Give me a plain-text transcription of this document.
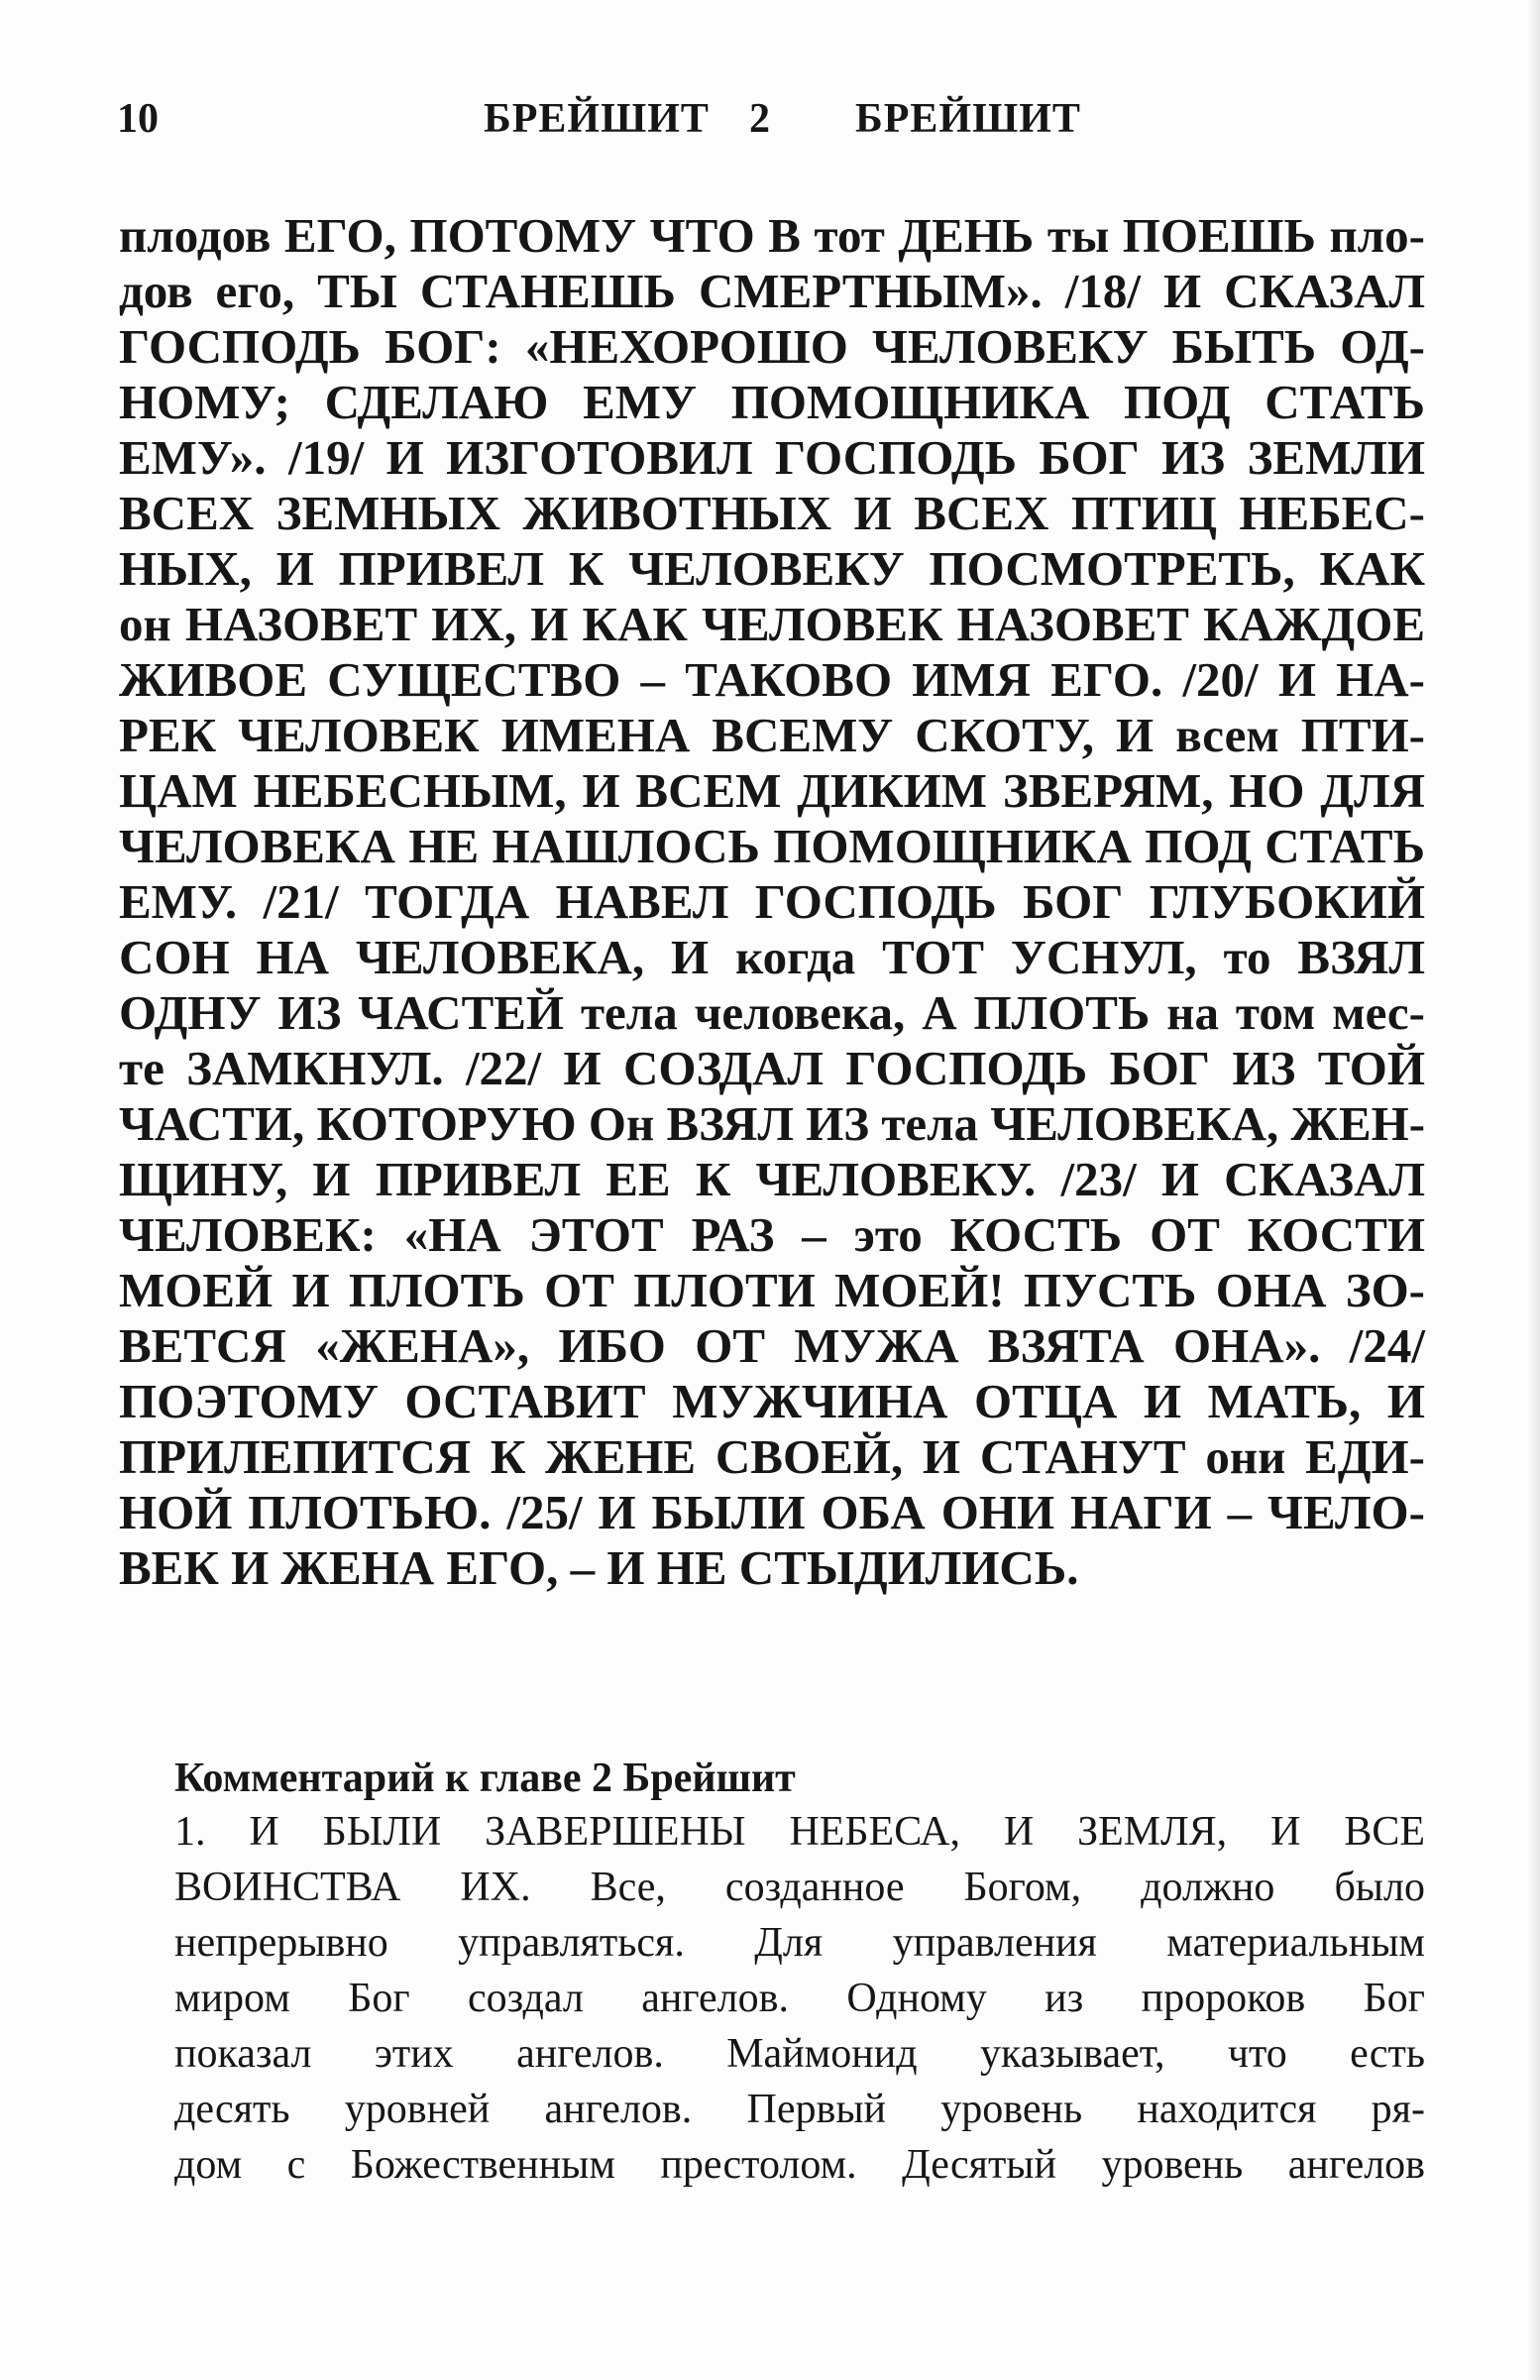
10	БРЕЙШИТ 2 БРЕЙШИТ
плодов ЕГО, ПОТОМУ ЧТО В тот ДЕНЬ ты ПОЕШЬ пло-
дов его, ТЫ СТАНЕШЬ СМЕРТНЫМ». /18/ И СКАЗАЛ
ГОСПОДЬ БОГ: «НЕХОРОШО ЧЕЛОВЕКУ БЫТЬ ОД-
НОМУ; СДЕЛАЮ ЕМУ ПОМОЩНИКА ПОД СТАТЬ
ЕМУ». /19/ И ИЗГОТОВИЛ ГОСПОДЬ БОГ ИЗ ЗЕМЛИ
ВСЕХ ЗЕМНЫХ ЖИВОТНЫХ И ВСЕХ ПТИЦ НЕБЕС-
НЫХ, И ПРИВЕЛ К ЧЕЛОВЕКУ ПОСМОТРЕТЬ, КАК
он НАЗОВЕТ ИХ, И КАК ЧЕЛОВЕК НАЗОВЕТ КАЖДОЕ
ЖИВОЕ СУЩЕСТВО – ТАКОВО ИМЯ ЕГО. /20/ И НА-
РЕК ЧЕЛОВЕК ИМЕНА ВСЕМУ СКОТУ, И всем ПТИ-
ЦАМ НЕБЕСНЫМ, И ВСЕМ ДИКИМ ЗВЕРЯМ, НО ДЛЯ
ЧЕЛОВЕКА НЕ НАШЛОСЬ ПОМОЩНИКА ПОД СТАТЬ
ЕМУ. /21/ ТОГДА НАВЕЛ ГОСПОДЬ БОГ ГЛУБОКИЙ
СОН НА ЧЕЛОВЕКА, И когда ТОТ УСНУЛ, то ВЗЯЛ
ОДНУ ИЗ ЧАСТЕЙ тела человека, А ПЛОТЬ на том мес-
те ЗАМКНУЛ. /22/ И СОЗДАЛ ГОСПОДЬ БОГ ИЗ ТОЙ
ЧАСТИ, КОТОРУЮ Он ВЗЯЛ ИЗ тела ЧЕЛОВЕКА, ЖЕН-
ЩИНУ, И ПРИВЕЛ ЕЕ К ЧЕЛОВЕКУ. /23/ И СКАЗАЛ
ЧЕЛОВЕК: «НА ЭТОТ РАЗ – это КОСТЬ ОТ КОСТИ
МОЕЙ И ПЛОТЬ ОТ ПЛОТИ МОЕЙ! ПУСТЬ ОНА ЗО-
ВЕТСЯ «ЖЕНА», ИБО ОТ МУЖА ВЗЯТА ОНА». /24/
ПОЭТОМУ ОСТАВИТ МУЖЧИНА ОТЦА И МАТЬ, И
ПРИЛЕПИТСЯ К ЖЕНЕ СВОЕЙ, И СТАНУТ они ЕДИ-
НОЙ ПЛОТЬЮ. /25/ И БЫЛИ ОБА ОНИ НАГИ – ЧЕЛО-
ВЕК И ЖЕНА ЕГО, – И НЕ СТЫДИЛИСЬ.
Комментарий к главе 2 Брейшит
1. И БЫЛИ ЗАВЕРШЕНЫ НЕБЕСА, И ЗЕМЛЯ, И ВСЕ
ВОИНСТВА ИХ. Все, созданное Богом, должно было
непрерывно управляться. Для управления материальным
миром Бог создал ангелов. Одному из пророков Бог
показал этих ангелов. Маймонид указывает, что есть
десять уровней ангелов. Первый уровень находится ря-
дом с Божественным престолом. Десятый уровень ангелов
